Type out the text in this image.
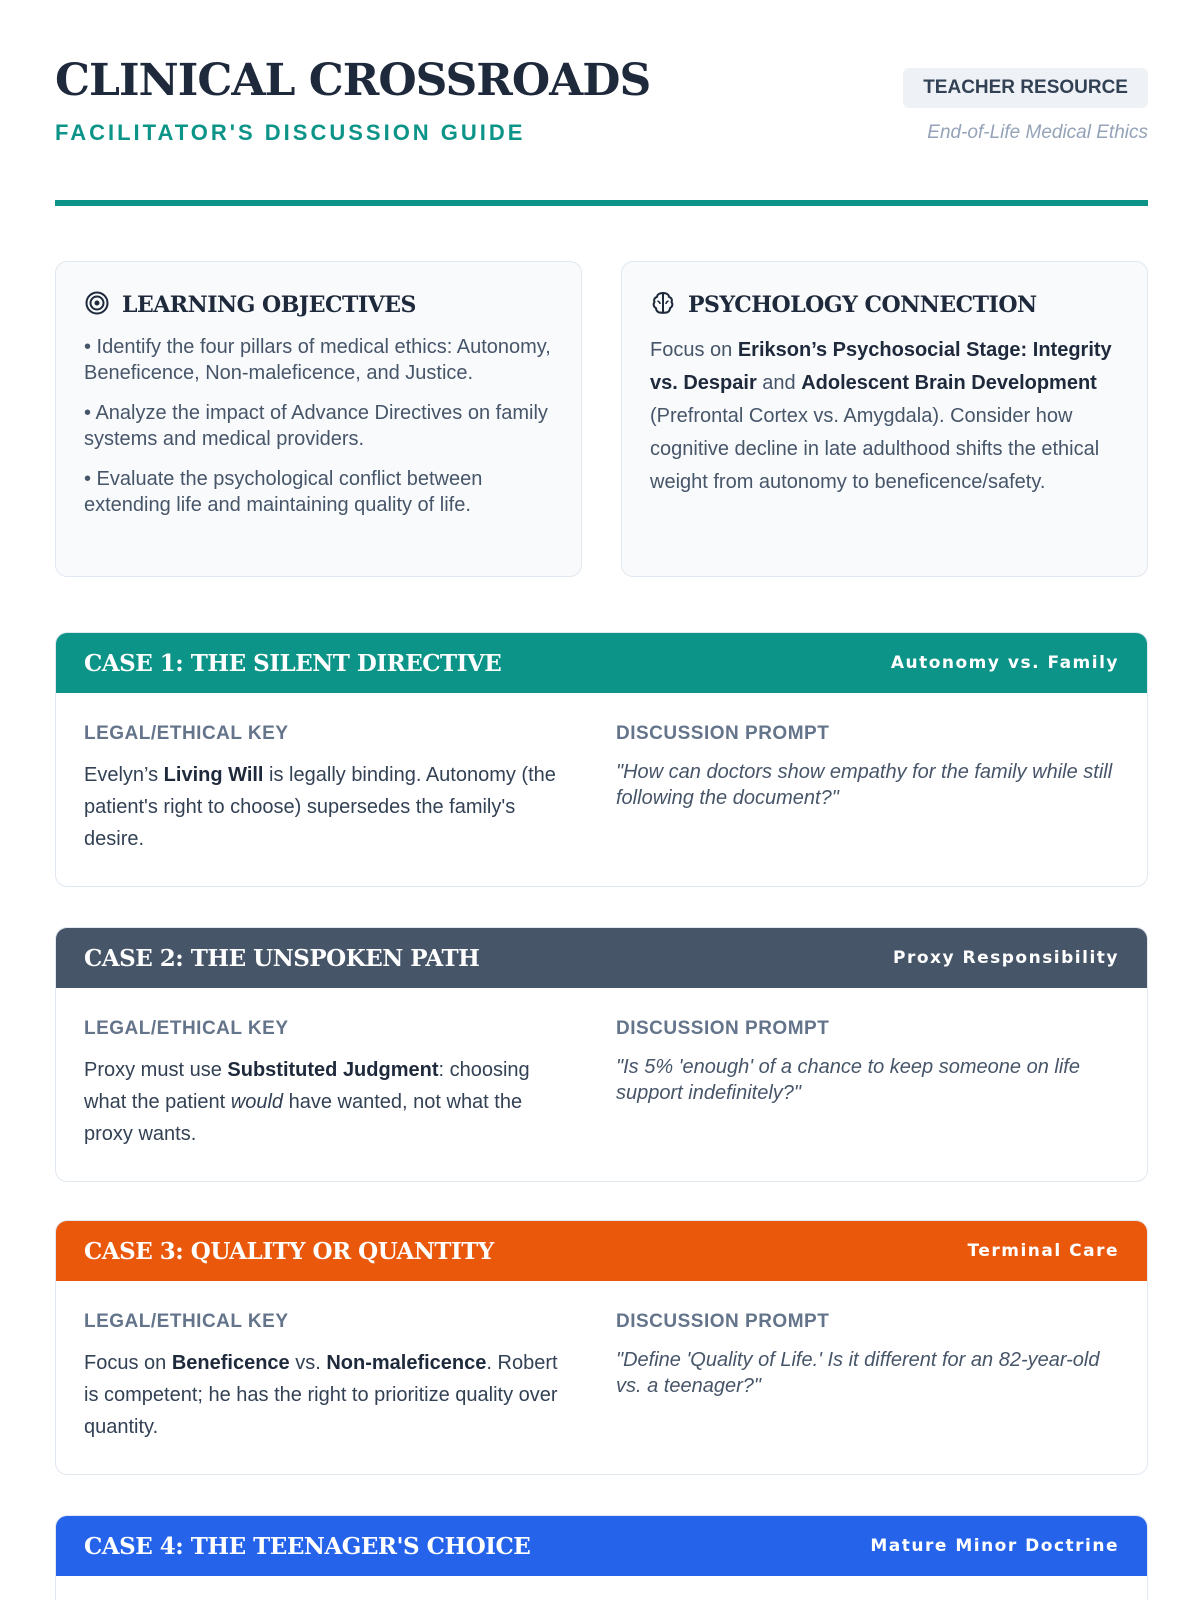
CLINICAL CROSSROADS
FACILITATOR'S DISCUSSION GUIDE
TEACHER RESOURCE
End-of-Life Medical Ethics
LEARNING OBJECTIVES
• Identify the four pillars of medical ethics: Autonomy, Beneficence, Non-maleficence, and Justice.
• Analyze the impact of Advance Directives on family systems and medical providers.
• Evaluate the psychological conflict between extending life and maintaining quality of life.
PSYCHOLOGY CONNECTION
Focus on Erikson’s Psychosocial Stage: Integrity vs. Despair and Adolescent Brain Development (Prefrontal Cortex vs. Amygdala). Consider how cognitive decline in late adulthood shifts the ethical weight from autonomy to beneficence/safety.
CASE 1: THE SILENT DIRECTIVE	Autonomy vs. Family
LEGAL/ETHICAL KEY
Evelyn’s Living Will is legally binding. Autonomy (the patient's right to choose) supersedes the family's desire.
DISCUSSION PROMPT
"How can doctors show empathy for the family while still following the document?"
CASE 2: THE UNSPOKEN PATH	Proxy Responsibility
LEGAL/ETHICAL KEY
Proxy must use Substituted Judgment: choosing what the patient would have wanted, not what the proxy wants.
DISCUSSION PROMPT
"Is 5% 'enough' of a chance to keep someone on life support indefinitely?"
CASE 3: QUALITY OR QUANTITY	Terminal Care
LEGAL/ETHICAL KEY
Focus on Beneficence vs. Non-maleficence. Robert is competent; he has the right to prioritize quality over quantity.
DISCUSSION PROMPT
"Define 'Quality of Life.' Is it different for an 82-year-old vs. a teenager?"
CASE 4: THE TEENAGER'S CHOICE	Mature Minor Doctrine
